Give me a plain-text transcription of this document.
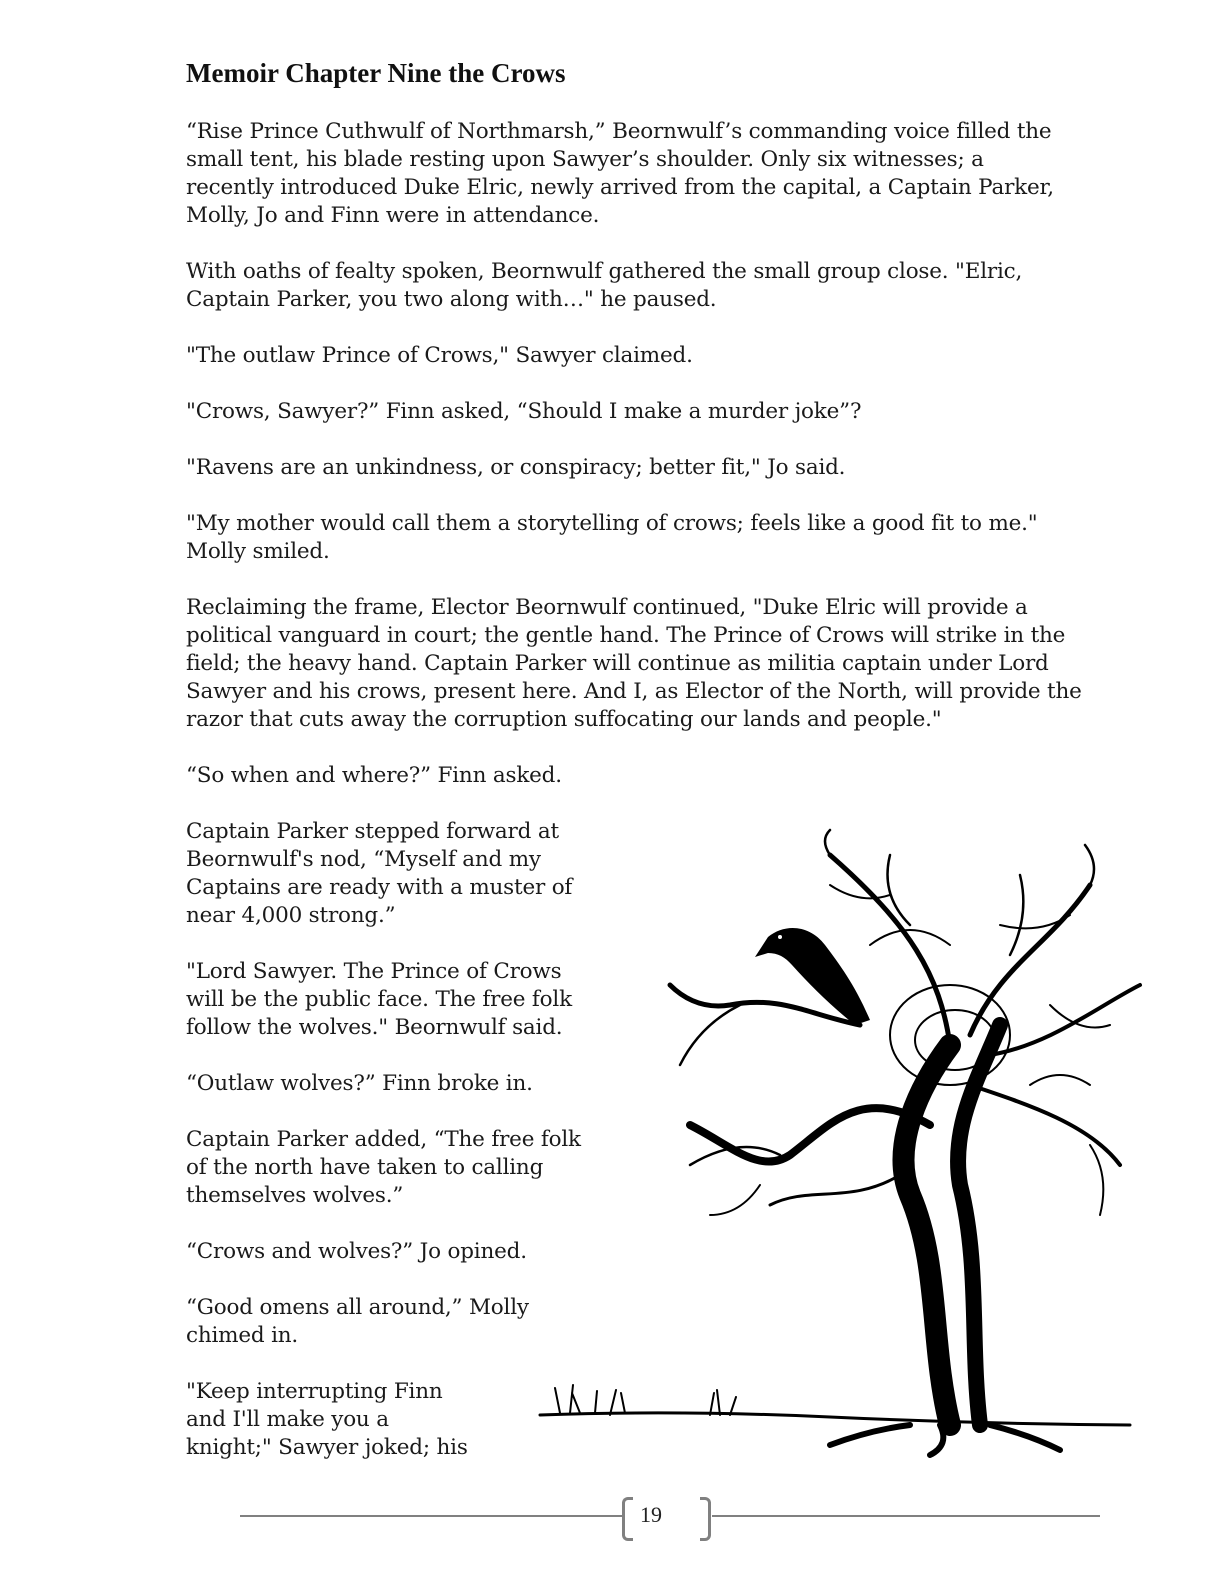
Memoir Chapter Nine the Crows
“Rise Prince Cuthwulf of Northmarsh,” Beornwulf’s commanding voice filled the
small tent, his blade resting upon Sawyer’s shoulder. Only six witnesses; a
recently introduced Duke Elric, newly arrived from the capital, a Captain Parker,
Molly, Jo and Finn were in attendance.
With oaths of fealty spoken, Beornwulf gathered the small group close. "Elric,
Captain Parker, you two along with…" he paused.
"The outlaw Prince of Crows," Sawyer claimed.
"Crows, Sawyer?” Finn asked, “Should I make a murder joke”?
"Ravens are an unkindness, or conspiracy; better fit," Jo said.
"My mother would call them a storytelling of crows; feels like a good fit to me."
Molly smiled.
Reclaiming the frame, Elector Beornwulf continued, "Duke Elric will provide a
political vanguard in court; the gentle hand. The Prince of Crows will strike in the
field; the heavy hand. Captain Parker will continue as militia captain under Lord
Sawyer and his crows, present here. And I, as Elector of the North, will provide the
razor that cuts away the corruption suffocating our lands and people."
“So when and where?” Finn asked.
Captain Parker stepped forward at
Beornwulf's nod, “Myself and my
Captains are ready with a muster of
near 4,000 strong.”
"Lord Sawyer. The Prince of Crows
will be the public face. The free folk
follow the wolves." Beornwulf said.
“Outlaw wolves?” Finn broke in.
Captain Parker added, “The free folk
of the north have taken to calling
themselves wolves.”
“Crows and wolves?” Jo opined.
“Good omens all around,” Molly
chimed in.
"Keep interrupting Finn
and I'll make you a
knight;" Sawyer joked; his
19
